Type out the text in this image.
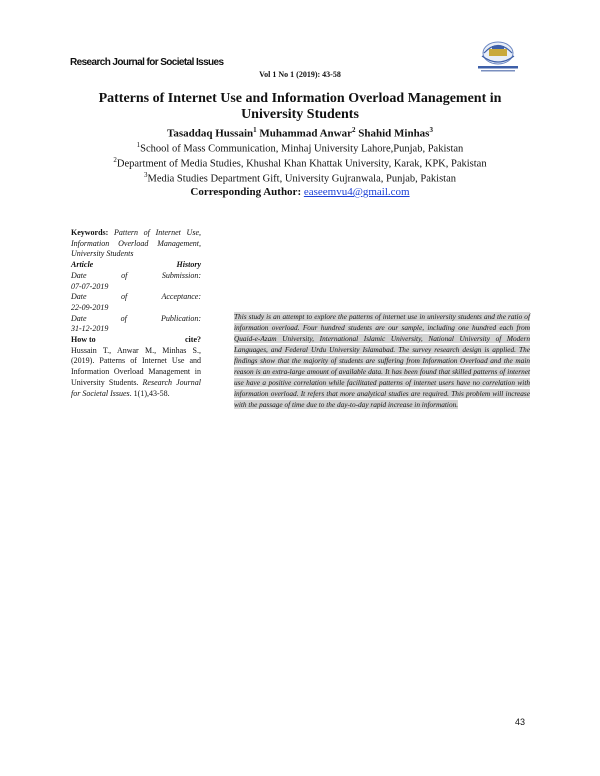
Research Journal for Societal Issues
Vol 1 No 1 (2019): 43-58
Patterns of Internet Use and Information Overload Management in University Students
Tasaddaq Hussain$^1$ Muhammad Anwar$^2$ Shahid Minhas$^3$
$^1$School of Mass Communication, Minhaj University Lahore,Punjab, Pakistan
$^2$Department of Media Studies, Khushal Khan Khattak University, Karak, KPK, Pakistan
$^3$Media Studies Department Gift, University Gujranwala, Punjab, Pakistan
Corresponding Author: easeemvu4@gmail.com
Keywords: Pattern of Internet Use, Information Overload Management, University Students
Article	History
Date of Submission:
07-07-2019
Date of Acceptance:
22-09-2019
Date of Publication:
31-12-2019
How to	cite?
Hussain T., Anwar M., Minhas S., (2019). Patterns of Internet Use and Information Overload Management in University Students. Research Journal for Societal Issues. 1(1),43-58.
This study is an attempt to explore the patterns of internet use in university students and the ratio of information overload. Four hundred students are our sample, including one hundred each from Quaid-e-Azam University, International Islamic University, National University of Modern Languages, and Federal Urdu University Islamabad. The survey research design is applied. The findings show that the majority of students are suffering from Information Overload and the main reason is an extra-large amount of available data. It has been found that skilled patterns of internet use have a positive correlation while facilitated patterns of internet users have no correlation with information overload. It refers that more analytical studies are required. This problem will increase with the passage of time due to the day-to-day rapid increase in information.
43
